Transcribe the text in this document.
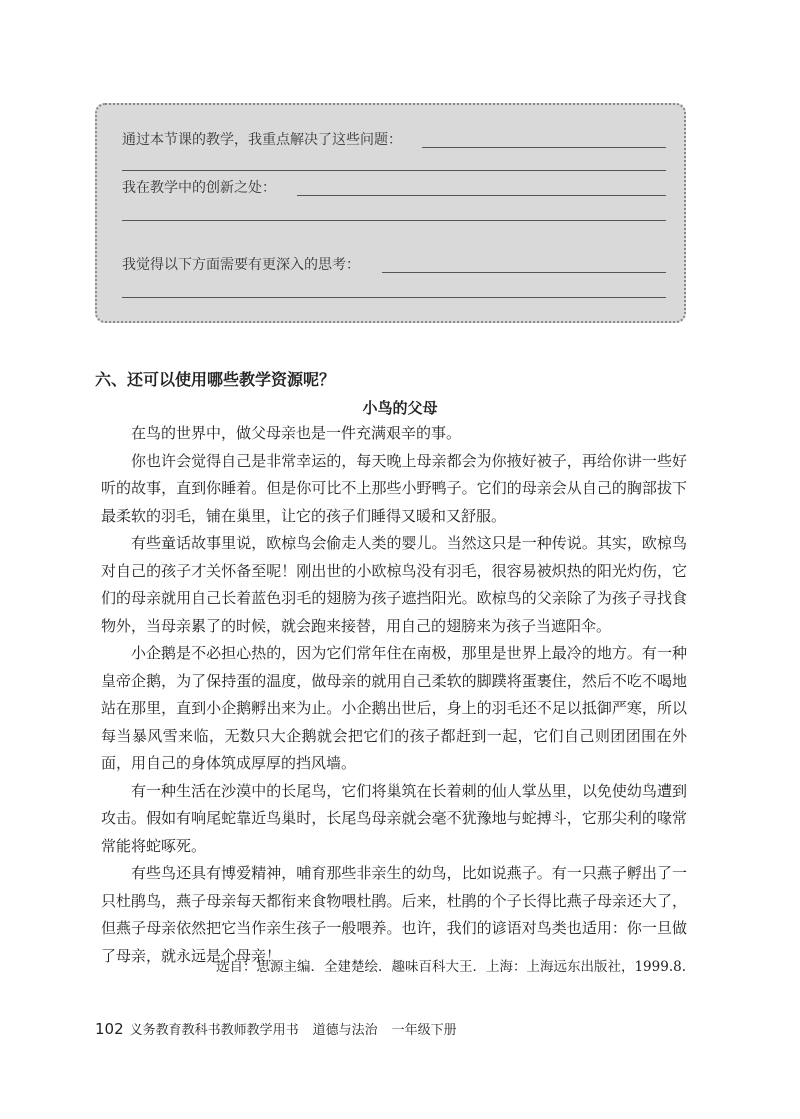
通过本节课的教学，我重点解决了这些问题：
我在教学中的创新之处：
我觉得以下方面需要有更深入的思考：
六、还可以使用哪些教学资源呢？
小鸟的父母

在鸟的世界中，做父母亲也是一件充满艰辛的事。

你也许会觉得自己是非常幸运的，每天晚上母亲都会为你掖好被子，再给你讲一些好听的故事，直到你睡着。但是你可比不上那些小野鸭子。它们的母亲会从自己的胸部拔下最柔软的羽毛，铺在巢里，让它的孩子们睡得又暖和又舒服。

有些童话故事里说，欧椋鸟会偷走人类的婴儿。当然这只是一种传说。其实，欧椋鸟对自己的孩子才关怀备至呢！刚出世的小欧椋鸟没有羽毛，很容易被炽热的阳光灼伤，它们的母亲就用自己长着蓝色羽毛的翅膀为孩子遮挡阳光。欧椋鸟的父亲除了为孩子寻找食物外，当母亲累了的时候，就会跑来接替，用自己的翅膀来为孩子当遮阳伞。

小企鹅是不必担心热的，因为它们常年住在南极，那里是世界上最冷的地方。有一种皇帝企鹅，为了保持蛋的温度，做母亲的就用自己柔软的脚蹼将蛋裹住，然后不吃不喝地站在那里，直到小企鹅孵出来为止。小企鹅出世后，身上的羽毛还不足以抵御严寒，所以每当暴风雪来临，无数只大企鹅就会把它们的孩子都赶到一起，它们自己则团团围在外面，用自己的身体筑成厚厚的挡风墙。

有一种生活在沙漠中的长尾鸟，它们将巢筑在长着刺的仙人掌丛里，以免使幼鸟遭到攻击。假如有响尾蛇靠近鸟巢时，长尾鸟母亲就会毫不犹豫地与蛇搏斗，它那尖利的喙常常能将蛇啄死。

有些鸟还具有博爱精神，哺育那些非亲生的幼鸟，比如说燕子。有一只燕子孵出了一只杜鹃鸟，燕子母亲每天都衔来食物喂杜鹃。后来，杜鹃的个子长得比燕子母亲还大了，但燕子母亲依然把它当作亲生孩子一般喂养。也许，我们的谚语对鸟类也适用：你一旦做了母亲，就永远是个母亲！

选自：思源主编．全建楚绘．趣味百科大王．上海：上海远东出版社，1999.8.
102 义务教育教科书教师教学用书 道德与法治 一年级下册
